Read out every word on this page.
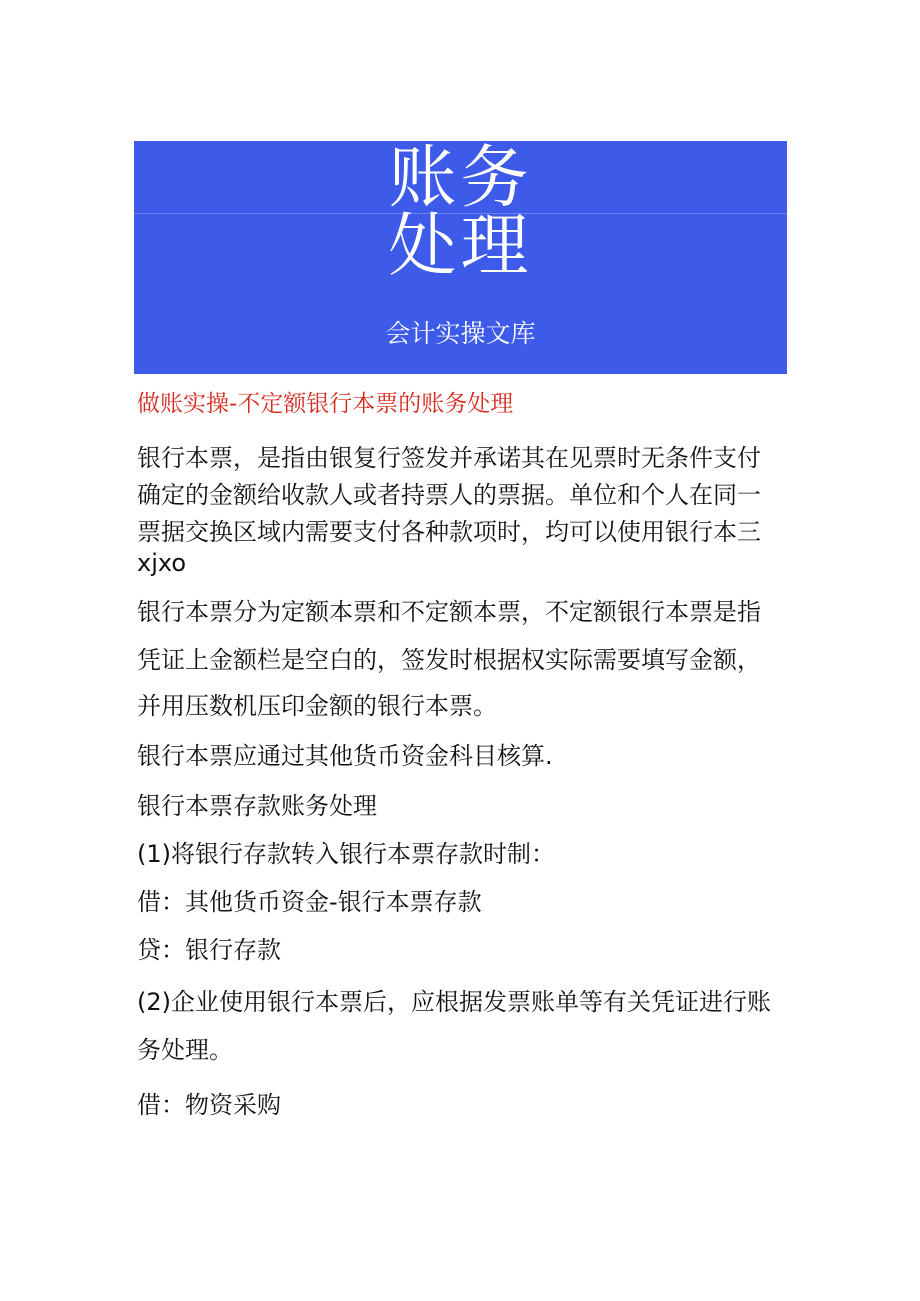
账务
处理
会计实操文库
做账实操-不定额银行本票的账务处理
银行本票，是指由银复行签发并承诺其在见票时无条件支付
确定的金额给收款人或者持票人的票据。单位和个人在同一
票据交换区域内需要支付各种款项时，均可以使用银行本三
xjxo
银行本票分为定额本票和不定额本票，不定额银行本票是指
凭证上金额栏是空白的，签发时根据权实际需要填写金额，
并用压数机压印金额的银行本票。
银行本票应通过其他货币资金科目核算.
银行本票存款账务处理
(1)将银行存款转入银行本票存款时制：
借：其他货币资金-银行本票存款
贷：银行存款
(2)企业使用银行本票后，应根据发票账单等有关凭证进行账
务处理。
借：物资采购
